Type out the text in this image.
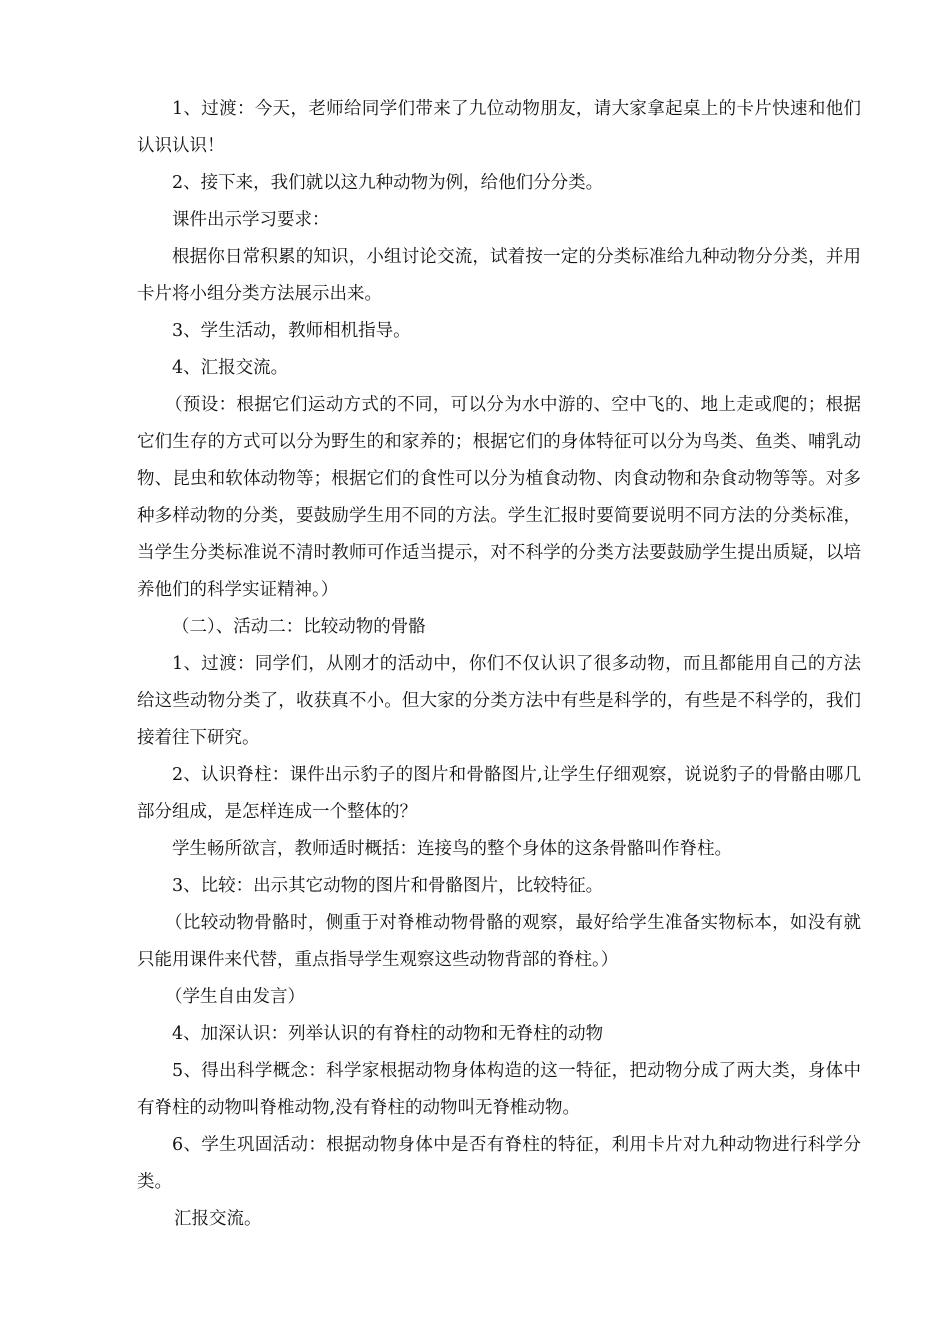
1、过渡：今天，老师给同学们带来了九位动物朋友，请大家拿起桌上的卡片快速和他们认识认识！

2、接下来，我们就以这九种动物为例，给他们分分类。

课件出示学习要求：

根据你日常积累的知识，小组讨论交流，试着按一定的分类标准给九种动物分分类，并用卡片将小组分类方法展示出来。

3、学生活动，教师相机指导。

4、汇报交流。

（预设：根据它们运动方式的不同，可以分为水中游的、空中飞的、地上走或爬的；根据它们生存的方式可以分为野生的和家养的；根据它们的身体特征可以分为鸟类、鱼类、哺乳动物、昆虫和软体动物等；根据它们的食性可以分为植食动物、肉食动物和杂食动物等等。对多种多样动物的分类，要鼓励学生用不同的方法。学生汇报时要简要说明不同方法的分类标准，当学生分类标准说不清时教师可作适当提示，对不科学的分类方法要鼓励学生提出质疑，以培养他们的科学实证精神。）

（二）、活动二：比较动物的骨骼

1、过渡：同学们，从刚才的活动中，你们不仅认识了很多动物，而且都能用自己的方法给这些动物分类了，收获真不小。但大家的分类方法中有些是科学的，有些是不科学的，我们接着往下研究。

2、认识脊柱：课件出示豹子的图片和骨骼图片,让学生仔细观察，说说豹子的骨骼由哪几部分组成，是怎样连成一个整体的？

学生畅所欲言，教师适时概括：连接鸟的整个身体的这条骨骼叫作脊柱。

3、比较：出示其它动物的图片和骨骼图片，比较特征。

（比较动物骨骼时，侧重于对脊椎动物骨骼的观察，最好给学生准备实物标本，如没有就只能用课件来代替，重点指导学生观察这些动物背部的脊柱。）

（学生自由发言）

4、加深认识：列举认识的有脊柱的动物和无脊柱的动物

5、得出科学概念：科学家根据动物身体构造的这一特征，把动物分成了两大类，身体中有脊柱的动物叫脊椎动物,没有脊柱的动物叫无脊椎动物。

6、学生巩固活动：根据动物身体中是否有脊柱的特征，利用卡片对九种动物进行科学分类。

汇报交流。
